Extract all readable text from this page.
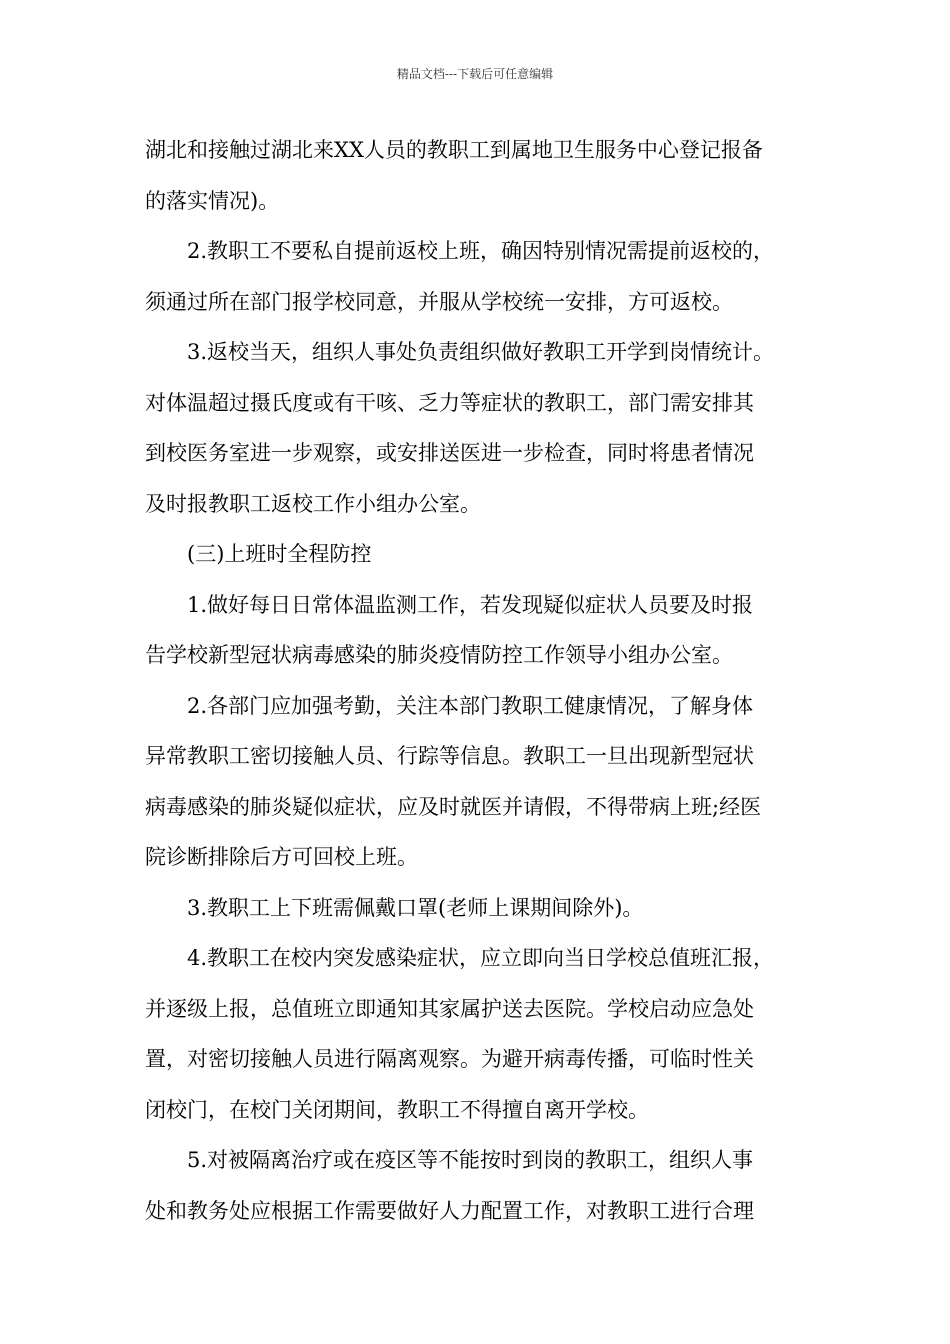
精品文档---下载后可任意编辑
湖北和接触过湖北来XX人员的教职工到属地卫生服务中心登记报备
的落实情况)。
2.教职工不要私自提前返校上班，确因特别情况需提前返校的，
须通过所在部门报学校同意，并服从学校统一安排，方可返校。
3.返校当天，组织人事处负责组织做好教职工开学到岗情统计。
对体温超过摄氏度或有干咳、乏力等症状的教职工，部门需安排其
到校医务室进一步观察，或安排送医进一步检查，同时将患者情况
及时报教职工返校工作小组办公室。
(三)上班时全程防控
1.做好每日日常体温监测工作，若发现疑似症状人员要及时报
告学校新型冠状病毒感染的肺炎疫情防控工作领导小组办公室。
2.各部门应加强考勤，关注本部门教职工健康情况，了解身体
异常教职工密切接触人员、行踪等信息。教职工一旦出现新型冠状
病毒感染的肺炎疑似症状，应及时就医并请假，不得带病上班;经医
院诊断排除后方可回校上班。
3.教职工上下班需佩戴口罩(老师上课期间除外)。
4.教职工在校内突发感染症状，应立即向当日学校总值班汇报，
并逐级上报，总值班立即通知其家属护送去医院。学校启动应急处
置，对密切接触人员进行隔离观察。为避开病毒传播，可临时性关
闭校门，在校门关闭期间，教职工不得擅自离开学校。
5.对被隔离治疗或在疫区等不能按时到岗的教职工，组织人事
处和教务处应根据工作需要做好人力配置工作，对教职工进行合理
